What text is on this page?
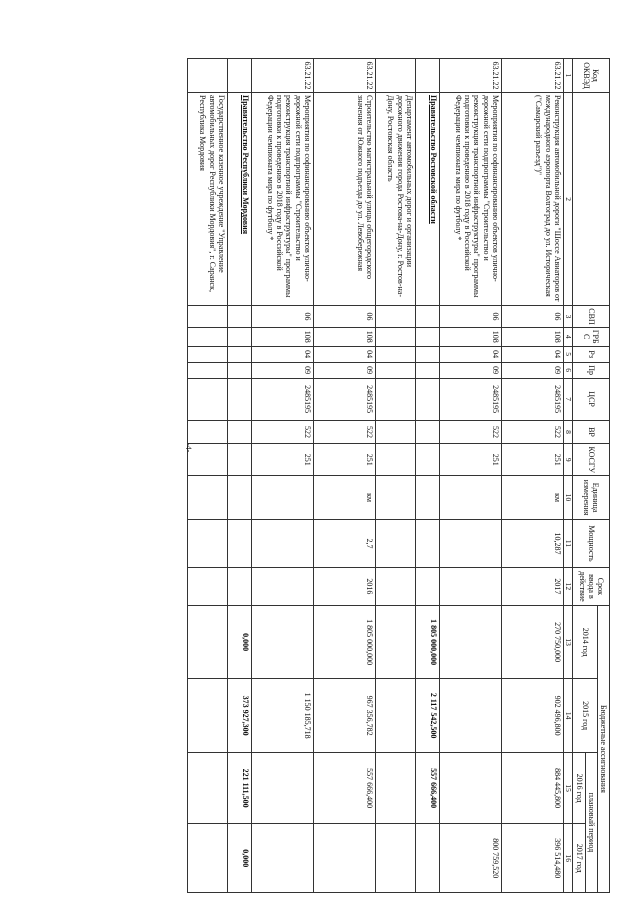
Код ОКВЭД		СВП	ГРБ С	Рз	Пр	ЦСР	ВР	КОСГУ	Единица измерения	Мощность	Срок ввода в действие	Бюджетные ассигнования			
												2014 год	2015 год	плановый период	
														2016 год	2017 год
1	2	3	4	5	6	7	8	9	10	11	12	13	14	15	16
63.21.22	Реконструкция автомобильной дороги "Шоссе Авиаторов от международного аэропорта Волгоград до ул. Историческая ("Самарский разъезд")"	06	108	04	09	2485195	522	251	км	10,287	2017	270 750,000	902 496,800	884 445,800	396 514,480
63.21.22	Мероприятия по софинансированию объектов улично-дорожной сети подпрограммы "Строительство и реконструкция транспортной инфраструктуры" программы подготовки к проведению в 2018 году в Российской Федерации чемпионата мира по футболу *	06	108	04	09	2485195	522	251							800 759,520
	Правительство Ростовской области											1 805 000,000	2 117 542,500	557 666,400	
	Департамент автомобильных дорог и организации дорожного движения города Ростова-на-Дону, г. Ростов-на-Дону, Ростовская область														
63.21.22	Строительство магистральной улицы общегородского значения от Южного подъезда до ул. Левобережная	06	108	04	09	2485195	522	251	км	2,7	2016	1 805 000,000	967 356,782	557 666,400	
63.21.22	Мероприятия по софинансированию объектов улично-дорожной сети подпрограммы "Строительство и реконструкция транспортной инфраструктуры" программы подготовки к проведению в 2018 году в Российской Федерации чемпионата мира по футболу *	06	108	04	09	2485195	522	251					1 150 185,718		
	Правительство Республики Мордовия											0,000	373 927,300	221 111,500	0,000
	Государственное казенное учреждение "Управление автомобильных дорог Республики Мордовия", г. Саранск, Республика Мордовия														
-4-
